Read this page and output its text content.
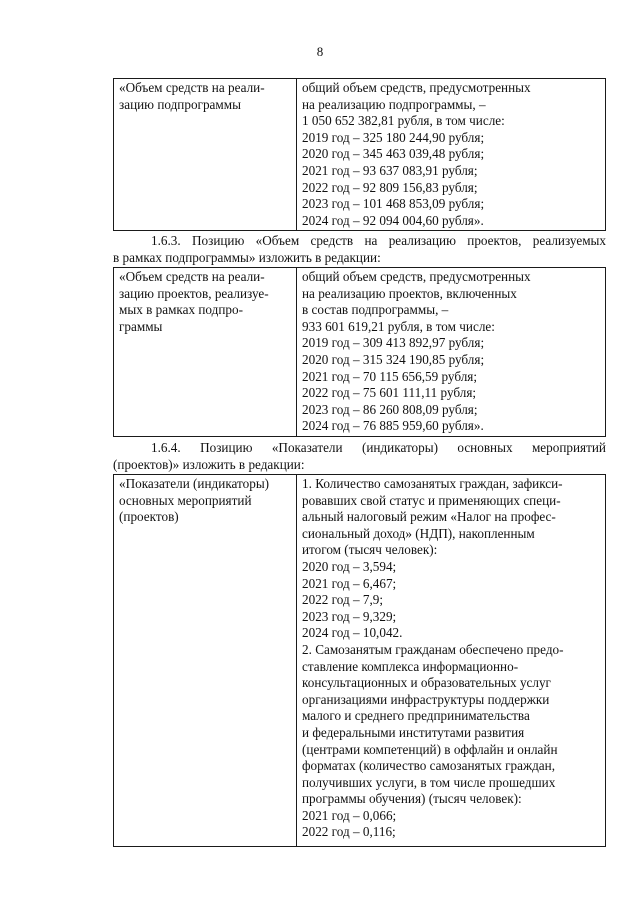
8
«Объем средств на реали-
зацию подпрограммы
общий объем средств, предусмотренных
на реализацию подпрограммы, –
1 050 652 382,81 рубля, в том числе:
2019 год – 325 180 244,90 рубля;
2020 год – 345 463 039,48 рубля;
2021 год – 93 637 083,91 рубля;
2022 год – 92 809 156,83 рубля;
2023 год – 101 468 853,09 рубля;
2024 год – 92 094 004,60 рубля».
1.6.3. Позицию «Объем средств на реализацию проектов, реализуемых
в рамках подпрограммы» изложить в редакции:
«Объем средств на реали-
зацию проектов, реализуе-
мых в рамках подпро-
граммы
общий объем средств, предусмотренных
на реализацию проектов, включенных
в состав подпрограммы, –
933 601 619,21 рубля, в том числе:
2019 год – 309 413 892,97 рубля;
2020 год – 315 324 190,85 рубля;
2021 год – 70 115 656,59 рубля;
2022 год – 75 601 111,11 рубля;
2023 год – 86 260 808,09 рубля;
2024 год – 76 885 959,60 рубля».
1.6.4. Позицию «Показатели (индикаторы) основных мероприятий
(проектов)» изложить в редакции:
«Показатели (индикаторы)
основных мероприятий
(проектов)
1. Количество самозанятых граждан, зафикси-
ровавших свой статус и применяющих специ-
альный налоговый режим «Налог на профес-
сиональный доход» (НДП), накопленным
итогом (тысяч человек):
2020 год – 3,594;
2021 год – 6,467;
2022 год – 7,9;
2023 год – 9,329;
2024 год – 10,042.
2. Самозанятым гражданам обеспечено предо-
ставление комплекса информационно-
консультационных и образовательных услуг
организациями инфраструктуры поддержки
малого и среднего предпринимательства
и федеральными институтами развития
(центрами компетенций) в оффлайн и онлайн
форматах (количество самозанятых граждан,
получивших услуги, в том числе прошедших
программы обучения) (тысяч человек):
2021 год – 0,066;
2022 год – 0,116;
